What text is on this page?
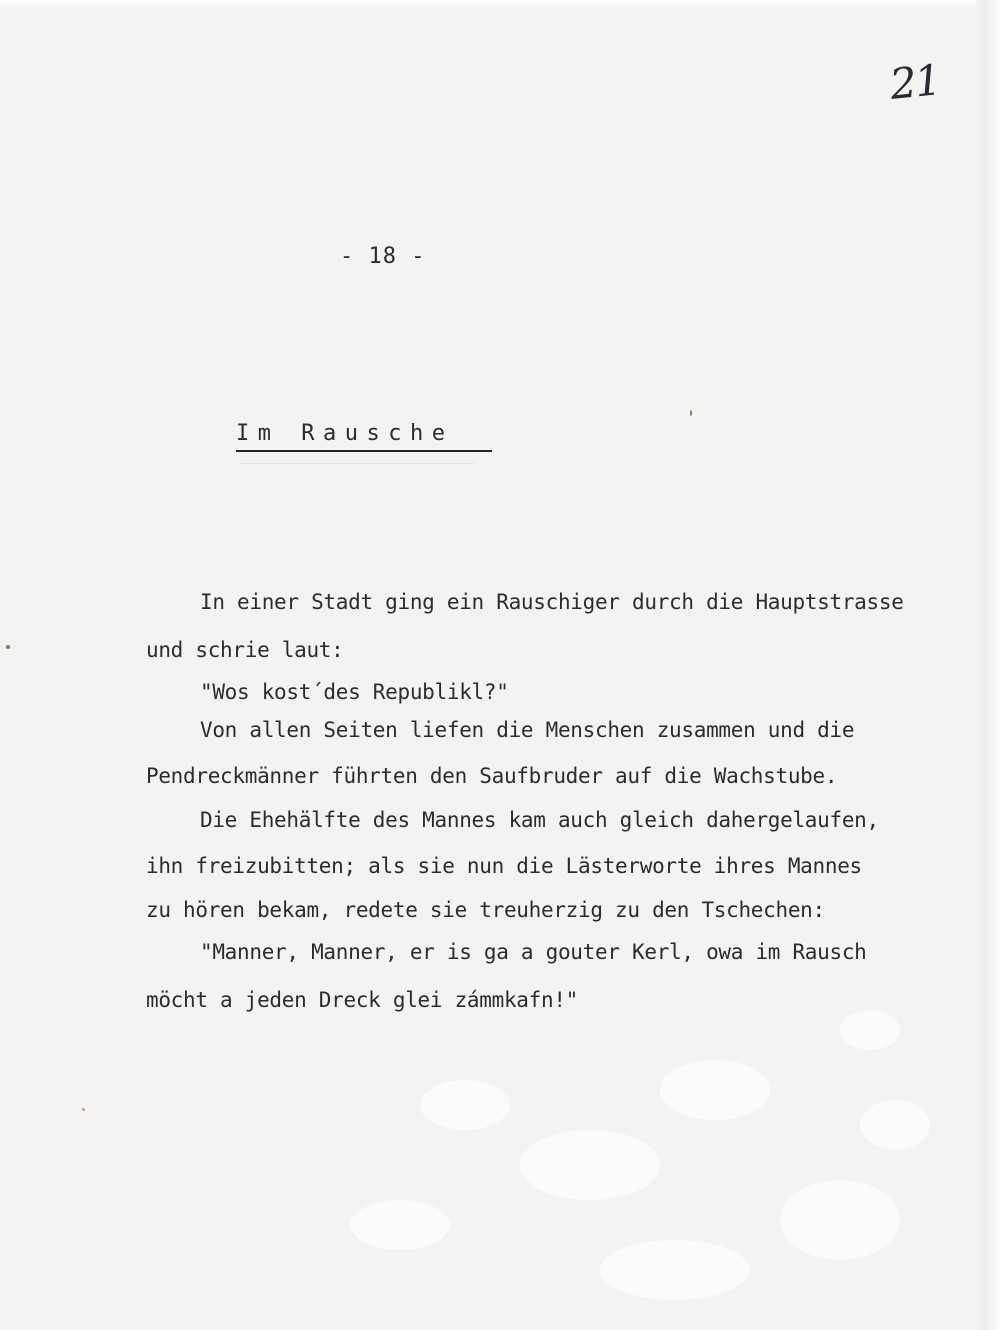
21

- 18 -

Im Rausche

In einer Stadt ging ein Rauschiger durch die Hauptstrasse

und schrie laut:

"Wos kost´des Republikl?"

Von allen Seiten liefen die Menschen zusammen und die

Pendreckmänner führten den Saufbruder auf die Wachstube.

Die Ehehälfte des Mannes kam auch gleich dahergelaufen,

ihn freizubitten; als sie nun die Lästerworte ihres Mannes

zu hören bekam, redete sie treuherzig zu den Tschechen:

"Manner, Manner, er is ga a gouter Kerl, owa im Rausch

möcht a jeden Dreck glei zámmkafn!"
